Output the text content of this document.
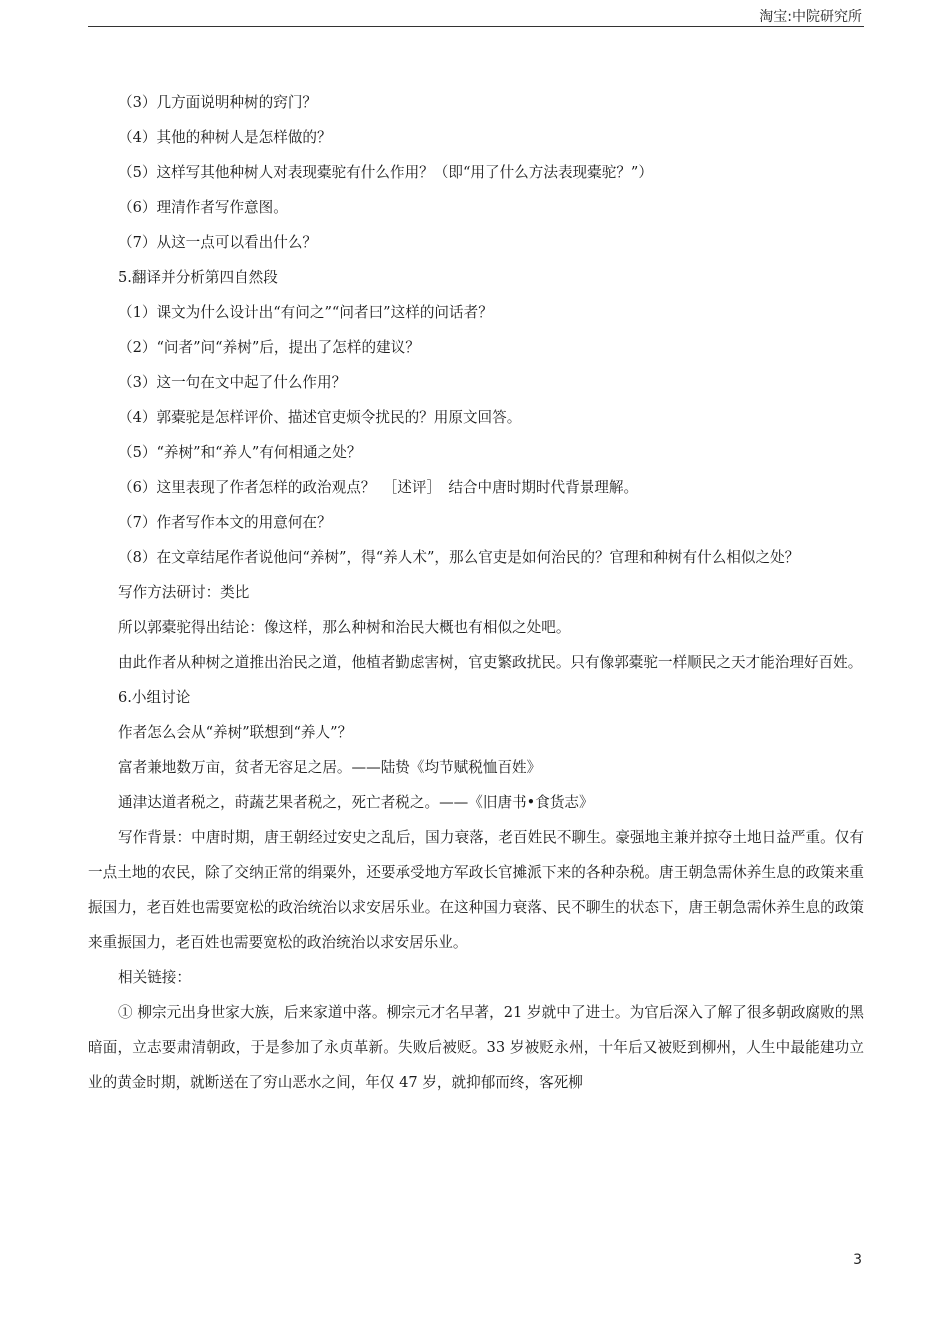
淘宝:中院研究所
（3）几方面说明种树的窍门？
（4）其他的种树人是怎样做的？
（5）这样写其他种树人对表现橐驼有什么作用？（即“用了什么方法表现橐驼？”）
（6）理清作者写作意图。
（7）从这一点可以看出什么？
5.翻译并分析第四自然段
（1）课文为什么设计出“有问之”“问者曰”这样的问话者？
（2）“问者”问“养树”后，提出了怎样的建议？
（3）这一句在文中起了什么作用？
（4）郭橐驼是怎样评价、描述官吏烦令扰民的？用原文回答。
（5）“养树”和“养人”有何相通之处？
（6）这里表现了作者怎样的政治观点？　［述评］　结合中唐时期时代背景理解。
（7）作者写作本文的用意何在？
（8）在文章结尾作者说他问“养树”，得“养人术”，那么官吏是如何治民的？官理和种树有什么相似之处？
写作方法研讨：类比
所以郭橐驼得出结论：像这样，那么种树和治民大概也有相似之处吧。
由此作者从种树之道推出治民之道，他植者勤虑害树，官吏繁政扰民。只有像郭橐驼一样顺民之天才能治理好百姓。
6.小组讨论
作者怎么会从“养树”联想到“养人”？
富者兼地数万亩，贫者无容足之居。——陆贽《均节赋税恤百姓》
通津达道者税之，莳蔬艺果者税之，死亡者税之。——《旧唐书•食货志》
写作背景：中唐时期，唐王朝经过安史之乱后，国力衰落，老百姓民不聊生。豪强地主兼并掠夺土地日益严重。仅有一点土地的农民，除了交纳正常的绢粟外，还要承受地方军政长官摊派下来的各种杂税。唐王朝急需休养生息的政策来重振国力，老百姓也需要宽松的政治统治以求安居乐业。在这种国力衰落、民不聊生的状态下，唐王朝急需休养生息的政策来重振国力，老百姓也需要宽松的政治统治以求安居乐业。
相关链接：
① 柳宗元出身世家大族，后来家道中落。柳宗元才名早著，21 岁就中了进士。为官后深入了解了很多朝政腐败的黑暗面，立志要肃清朝政，于是参加了永贞革新。失败后被贬。33 岁被贬永州，十年后又被贬到柳州，人生中最能建功立业的黄金时期，就断送在了穷山恶水之间，年仅 47 岁，就抑郁而终，客死柳
3
